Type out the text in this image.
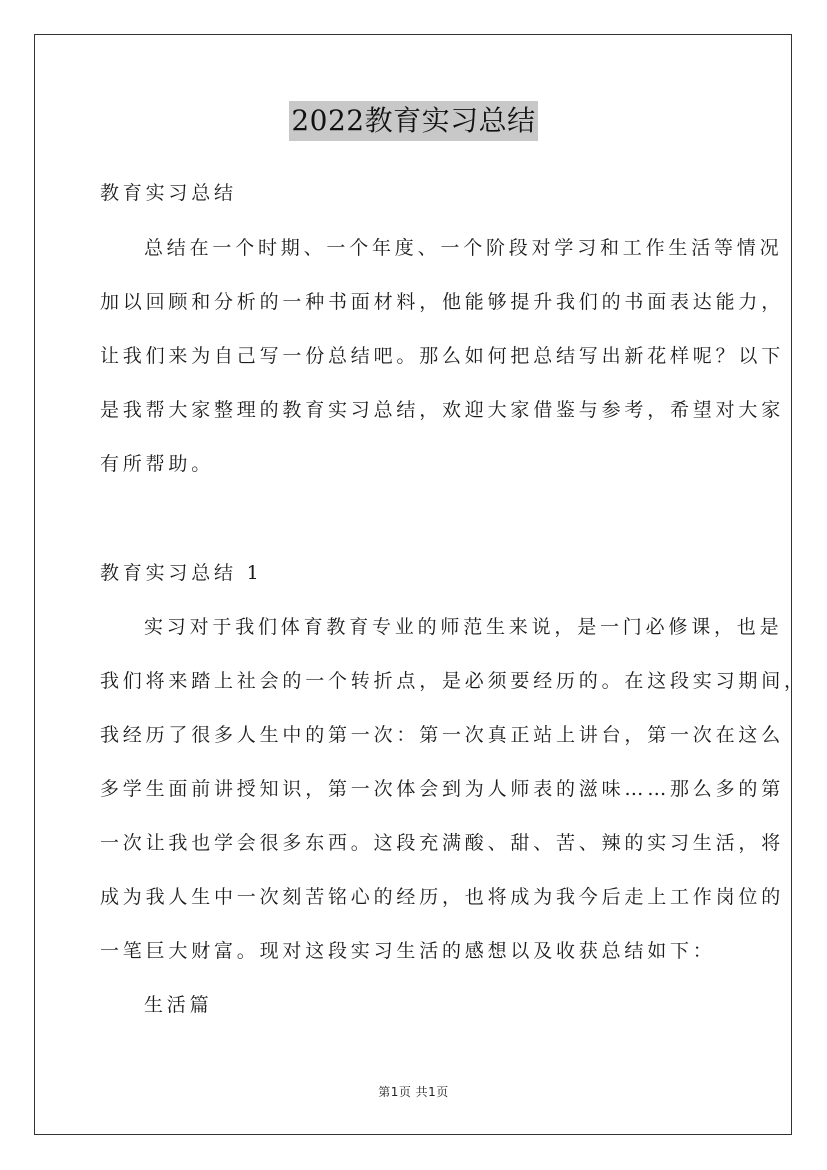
2022教育实习总结
教育实习总结
总结在一个时期、一个年度、一个阶段对学习和工作生活等情况
加以回顾和分析的一种书面材料，他能够提升我们的书面表达能力，
让我们来为自己写一份总结吧。那么如何把总结写出新花样呢？以下
是我帮大家整理的教育实习总结，欢迎大家借鉴与参考，希望对大家
有所帮助。
教育实习总结 1
实习对于我们体育教育专业的师范生来说，是一门必修课，也是
我们将来踏上社会的一个转折点，是必须要经历的。在这段实习期间，
我经历了很多人生中的第一次：第一次真正站上讲台，第一次在这么
多学生面前讲授知识，第一次体会到为人师表的滋味……那么多的第
一次让我也学会很多东西。这段充满酸、甜、苦、辣的实习生活，将
成为我人生中一次刻苦铭心的经历，也将成为我今后走上工作岗位的
一笔巨大财富。现对这段实习生活的感想以及收获总结如下：
生活篇
第1页 共1页
